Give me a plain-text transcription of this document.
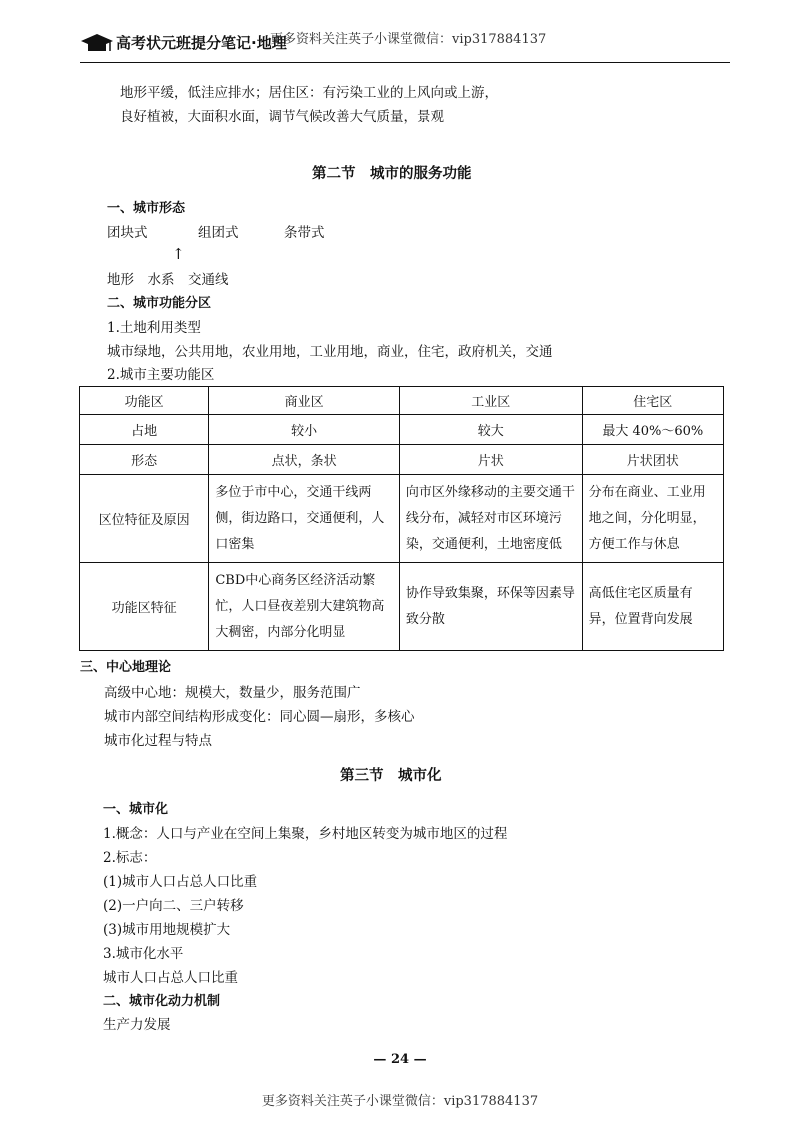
高考状元班提分笔记·地理
更多资料关注英子小课堂微信：vip317884137
地形平缓，低洼应排水；居住区：有污染工业的上风向或上游，
良好植被，大面积水面，调节气候改善大气质量，景观
第二节　城市的服务功能
一、城市形态
团块式	组团式	条带式
↑
地形　水系　交通线
二、城市功能分区
1.土地利用类型
城市绿地，公共用地，农业用地，工业用地，商业，住宅，政府机关，交通
2.城市主要功能区
功能区	商业区	工业区	住宅区
占地	较小	较大	最大 40%～60%
形态	点状，条状	片状	片状团状
区位特征及原因	多位于市中心，交通干线两侧，街边路口，交通便利，人口密集	向市区外缘移动的主要交通干线分布，减轻对市区环境污染，交通便利，土地密度低	分布在商业、工业用地之间，分化明显，方便工作与休息
功能区特征	CBD中心商务区经济活动繁忙，人口昼夜差别大建筑物高大稠密，内部分化明显	协作导致集聚，环保等因素导致分散	高低住宅区质量有异，位置背向发展
三、中心地理论
高级中心地：规模大，数量少，服务范围广
城市内部空间结构形成变化：同心圆—扇形，多核心
城市化过程与特点
第三节　城市化
一、城市化
1.概念：人口与产业在空间上集聚，乡村地区转变为城市地区的过程
2.标志：
(1)城市人口占总人口比重
(2)一户向二、三户转移
(3)城市用地规模扩大
3.城市化水平
城市人口占总人口比重
二、城市化动力机制
生产力发展
— 24 —
更多资料关注英子小课堂微信：vip317884137
